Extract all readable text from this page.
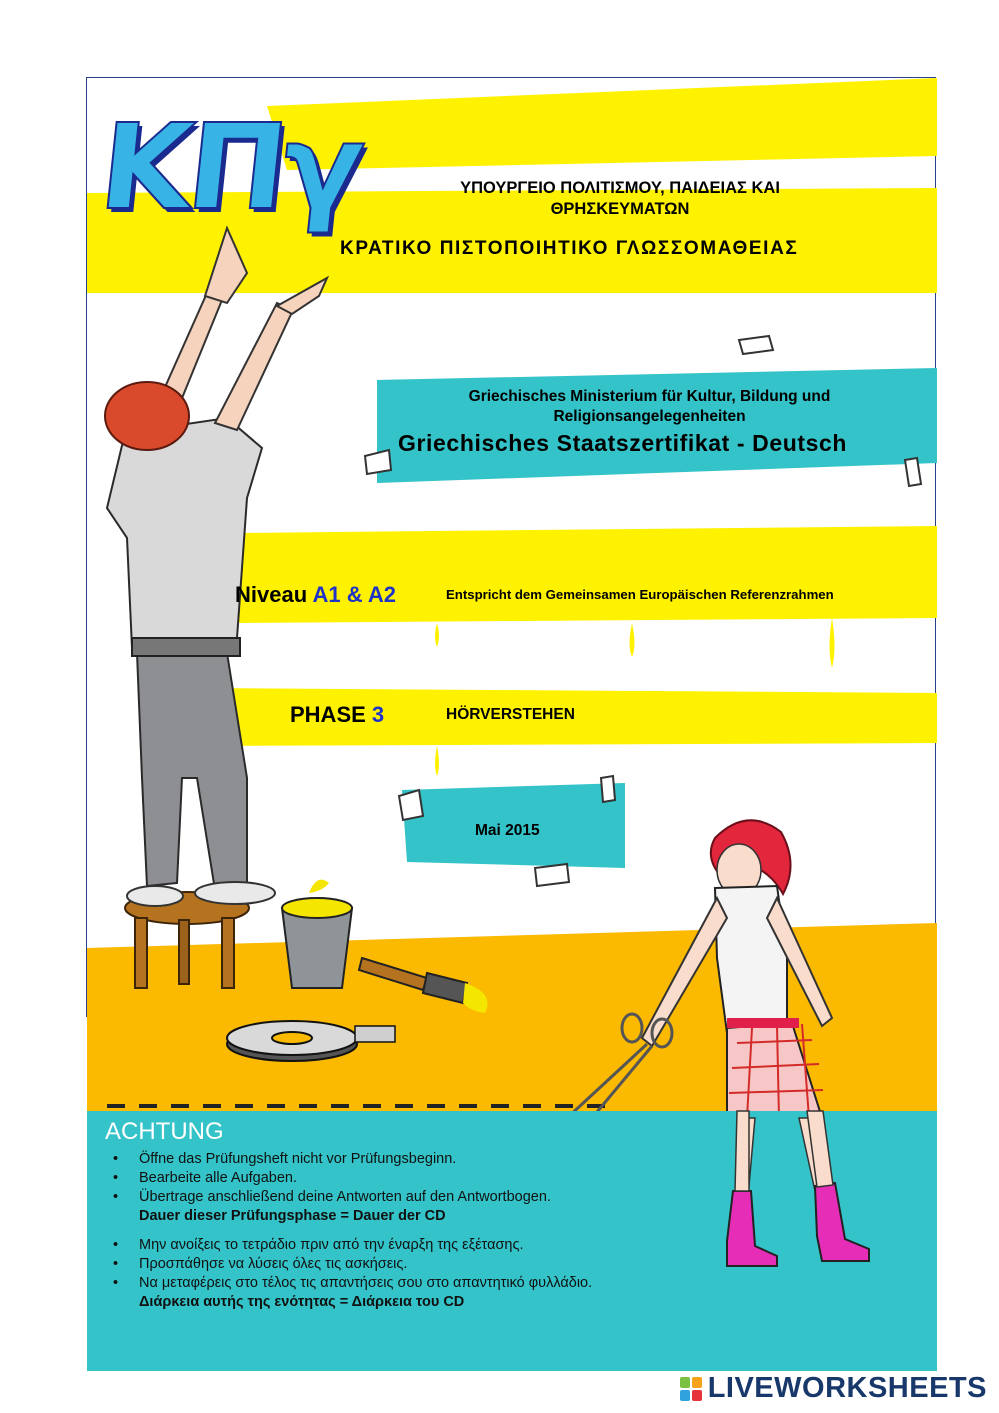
ΚΠγ	ΥΠΟΥΡΓΕΙΟ ΠΟΛΙΤΙΣΜΟΥ, ΠΑΙΔΕΙΑΣ ΚΑΙ
ΘΡΗΣΚΕΥΜΑΤΩΝ
ΚΡΑΤΙΚΟ ΠΙΣΤΟΠΟΙΗΤΙΚΟ ΓΛΩΣΣΟΜΑΘΕΙΑΣ
Griechisches Ministerium für Kultur, Bildung und
Religionsangelegenheiten
Griechisches Staatszertifikat - Deutsch
Niveau A1 & A2	Entspricht dem Gemeinsamen Europäischen Referenzrahmen
PHASE 3	HÖRVERSTEHEN
Mai 2015
ACHTUNG
• Öffne das Prüfungsheft nicht vor Prüfungsbeginn.
• Bearbeite alle Aufgaben.
• Übertrage anschließend deine Antworten auf den Antwortbogen.
Dauer dieser Prüfungsphase = Dauer der CD
• Μην ανοίξεις το τετράδιο πριν από την έναρξη της εξέτασης.
• Προσπάθησε να λύσεις όλες τις ασκήσεις.
• Να μεταφέρεις στο τέλος τις απαντήσεις σου στο απαντητικό φυλλάδιο.
Διάρκεια αυτής της ενότητας = Διάρκεια του CD
LIVEWORKSHEETS
